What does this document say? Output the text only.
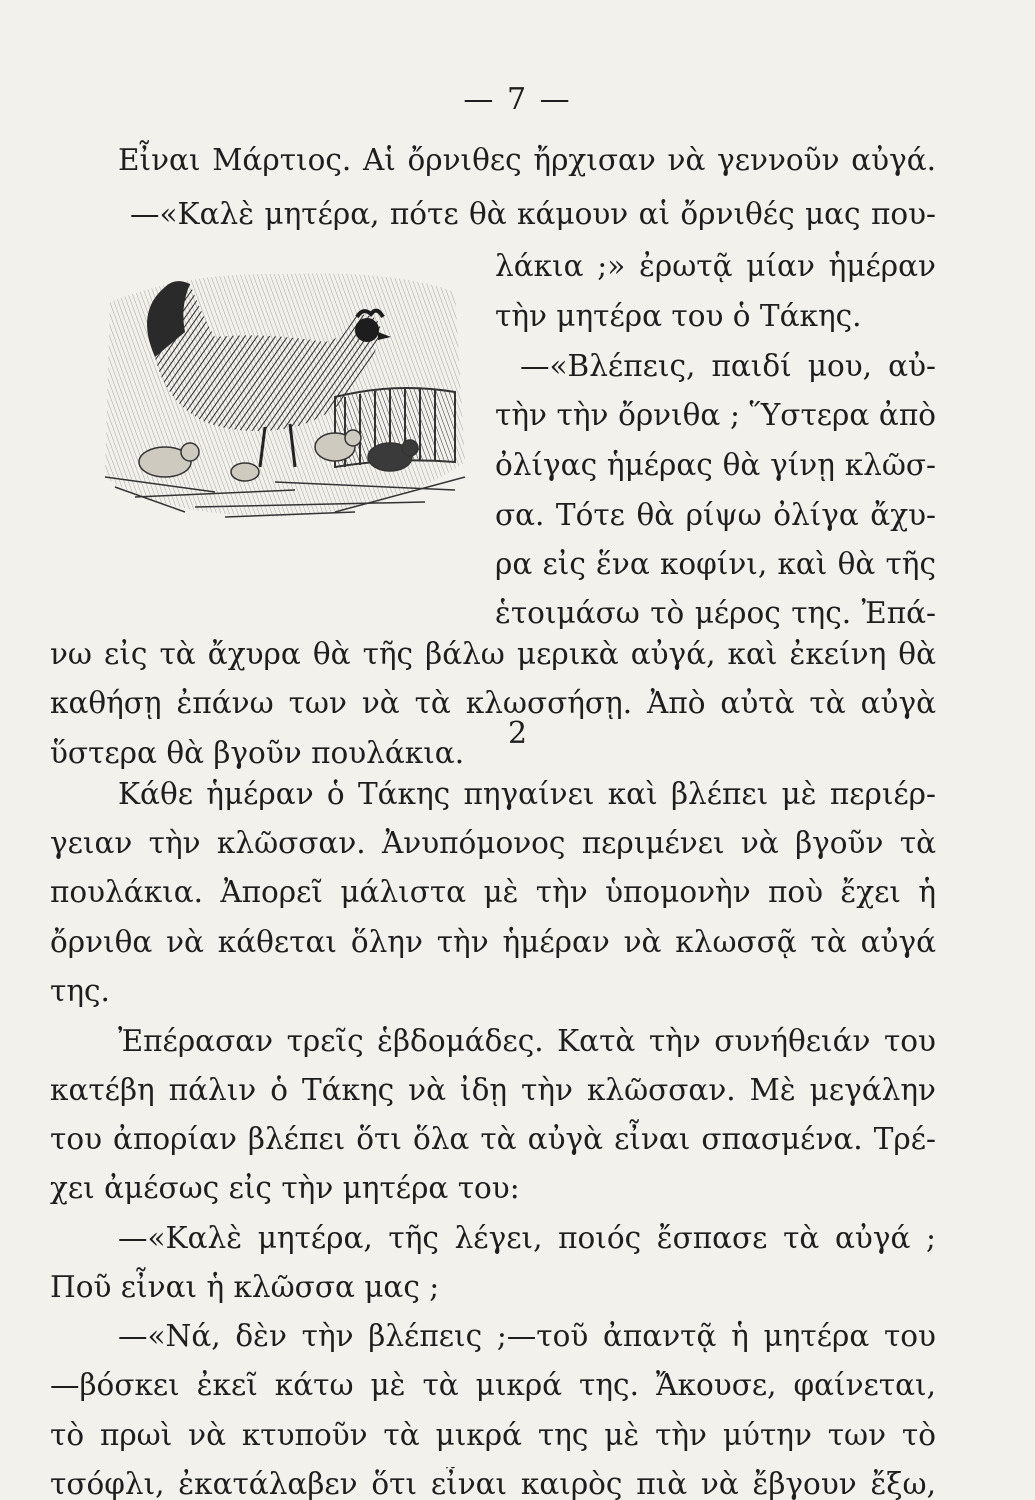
— 7 —
Εἶναι Μάρτιος. Αἱ ὄρνιθες ἤρχισαν νὰ γεννοῦν αὐγά.
—«Καλὲ μητέρα, πότε θὰ κάμουν αἱ ὄρνιθές μας που-
λάκια ;» ἐρωτᾷ μίαν ἡμέραν
τὴν μητέρα του ὁ Τάκης.
—«Βλέπεις, παιδί μου, αὐ-
τὴν τὴν ὄρνιθα ; Ὕστερα ἀπὸ
ὀλίγας ἡμέρας θὰ γίνῃ κλῶσ-
σα. Τότε θὰ ρίψω ὀλίγα ἄχυ-
ρα εἰς ἕνα κοφίνι, καὶ θὰ τῆς
ἑτοιμάσω τὸ μέρος της. Ἐπά-
νω εἰς τὰ ἄχυρα θὰ τῆς βάλω μερικὰ αὐγά, καὶ ἐκείνη θὰ
καθήσῃ ἐπάνω των νὰ τὰ κλωσσήσῃ. Ἀπὸ αὐτὰ τὰ αὐγὰ
ὕστερα θὰ βγοῦν πουλάκια.
2
Κάθε ἡμέραν ὁ Τάκης πηγαίνει καὶ βλέπει μὲ περιέρ-
γειαν τὴν κλῶσσαν. Ἀνυπόμονος περιμένει νὰ βγοῦν τὰ
πουλάκια. Ἀπορεῖ μάλιστα μὲ τὴν ὑπομονὴν ποὺ ἔχει ἡ
ὄρνιθα νὰ κάθεται ὅλην τὴν ἡμέραν νὰ κλωσσᾷ τὰ αὐγά
της.
Ἐπέρασαν τρεῖς ἑβδομάδες. Κατὰ τὴν συνήθειάν του
κατέβη πάλιν ὁ Τάκης νὰ ἰδῃ τὴν κλῶσσαν. Μὲ μεγάλην
του ἀπορίαν βλέπει ὅτι ὅλα τὰ αὐγὰ εἶναι σπασμένα. Τρέ-
χει ἀμέσως εἰς τὴν μητέρα του:
—«Καλὲ μητέρα, τῆς λέγει, ποιός ἔσπασε τὰ αὐγά ;
Ποῦ εἶναι ἡ κλῶσσα μας ;
—«Νά, δὲν τὴν βλέπεις ;—τοῦ ἀπαντᾷ ἡ μητέρα του
—βόσκει ἐκεῖ κάτω μὲ τὰ μικρά της. Ἄκουσε, φαίνεται,
τὸ πρωὶ νὰ κτυποῦν τὰ μικρά της μὲ τὴν μύτην των τὸ
τσόφλι, ἐκατάλαβεν ὅτι εἶναι καιρὸς πιὰ νὰ ἔβγουν ἔξω,
